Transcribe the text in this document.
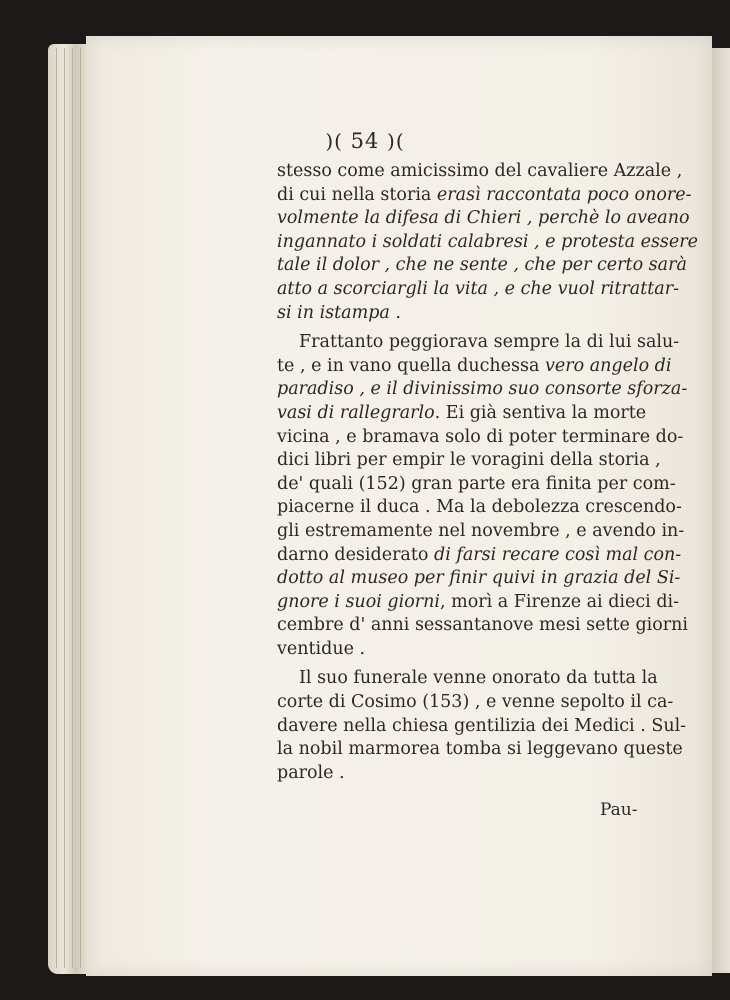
)( 54 )(
stesso come amicissimo del cavaliere Azzale ,
di cui nella storia erasì raccontata poco onore-
volmente la difesa di Chieri , perchè lo aveano
ingannato i soldati calabresi , e protesta essere
tale il dolor , che ne sente , che per certo sarà
atto a scorciargli la vita , e che vuol ritrattar-
si in istampa .
Frattanto peggiorava sempre la di lui salu-
te , e in vano quella duchessa vero angelo di
paradiso , e il divinissimo suo consorte sforza-
vasi di rallegrarlo . Ei già sentiva la morte
vicina , e bramava solo di poter terminare do-
dici libri per empir le voragini della storia ,
de' quali (152) gran parte era finita per com-
piacerne il duca . Ma la debolezza crescendo-
gli estremamente nel novembre , e avendo in-
darno desiderato di farsi recare così mal con-
dotto al museo per finir quivi in grazia del Si-
gnore i suoi giorni , morì a Firenze ai dieci di-
cembre d' anni sessantanove mesi sette giorni
ventidue .
Il suo funerale venne onorato da tutta la
corte di Cosimo (153) , e venne sepolto il ca-
davere nella chiesa gentilizia dei Medici . Sul-
la nobil marmorea tomba si leggevano queste
parole .
Pau-
